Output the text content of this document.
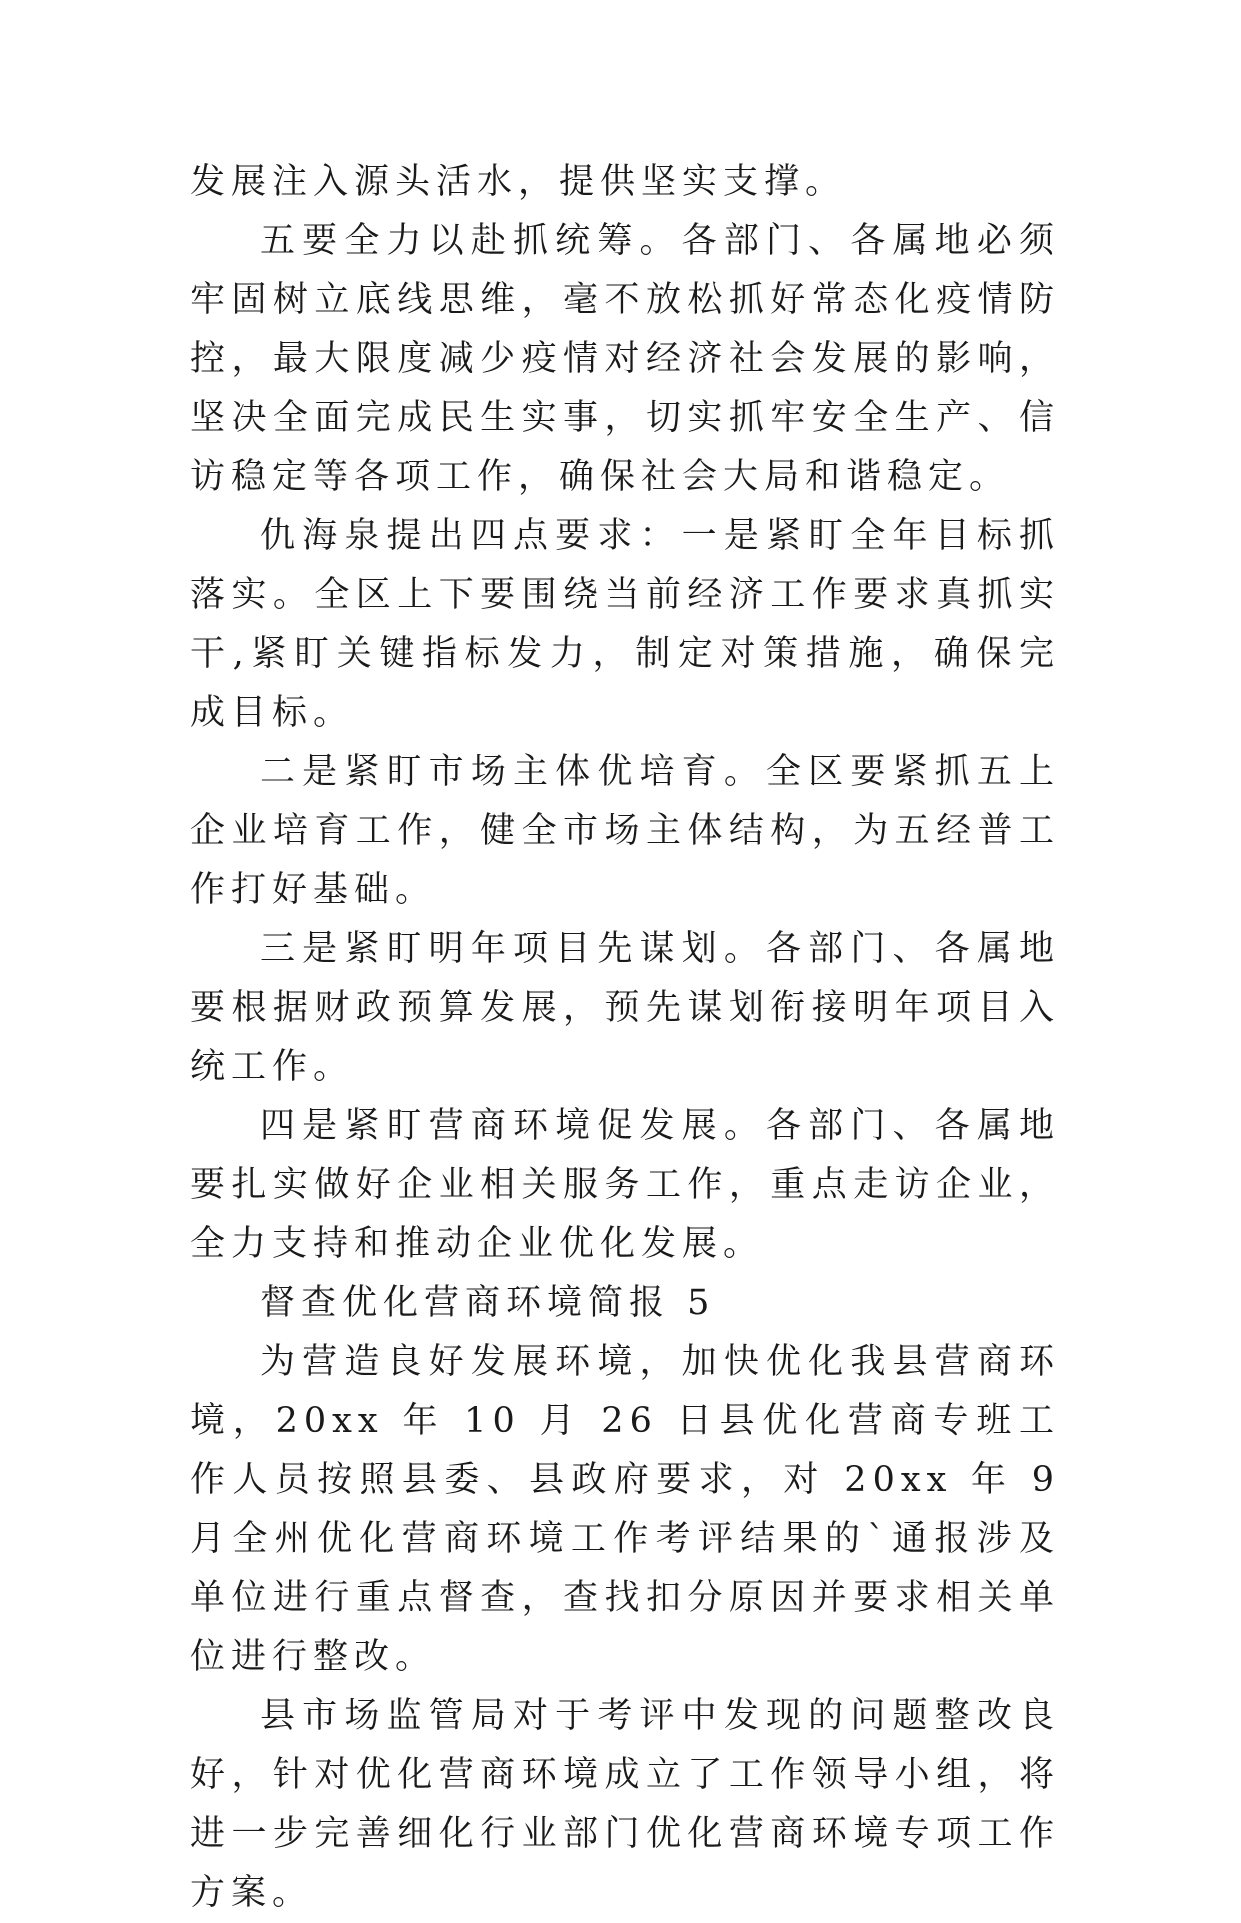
发展注入源头活水，提供坚实支撑。

五要全力以赴抓统筹。各部门、各属地必须牢固树立底线思维，毫不放松抓好常态化疫情防控，最大限度减少疫情对经济社会发展的影响，坚决全面完成民生实事，切实抓牢安全生产、信访稳定等各项工作，确保社会大局和谐稳定。

仇海泉提出四点要求：一是紧盯全年目标抓落实。全区上下要围绕当前经济工作要求真抓实干,紧盯关键指标发力，制定对策措施，确保完成目标。

二是紧盯市场主体优培育。全区要紧抓五上企业培育工作，健全市场主体结构，为五经普工作打好基础。

三是紧盯明年项目先谋划。各部门、各属地要根据财政预算发展，预先谋划衔接明年项目入统工作。

四是紧盯营商环境促发展。各部门、各属地要扎实做好企业相关服务工作，重点走访企业，全力支持和推动企业优化发展。

督查优化营商环境简报 5

为营造良好发展环境，加快优化我县营商环境，20xx 年 10 月 26 日县优化营商专班工作人员按照县委、县政府要求，对 20xx 年 9 月全州优化营商环境工作考评结果的`通报涉及单位进行重点督查，查找扣分原因并要求相关单位进行整改。

县市场监管局对于考评中发现的问题整改良好，针对优化营商环境成立了工作领导小组，将进一步完善细化行业部门优化营商环境专项工作方案。
